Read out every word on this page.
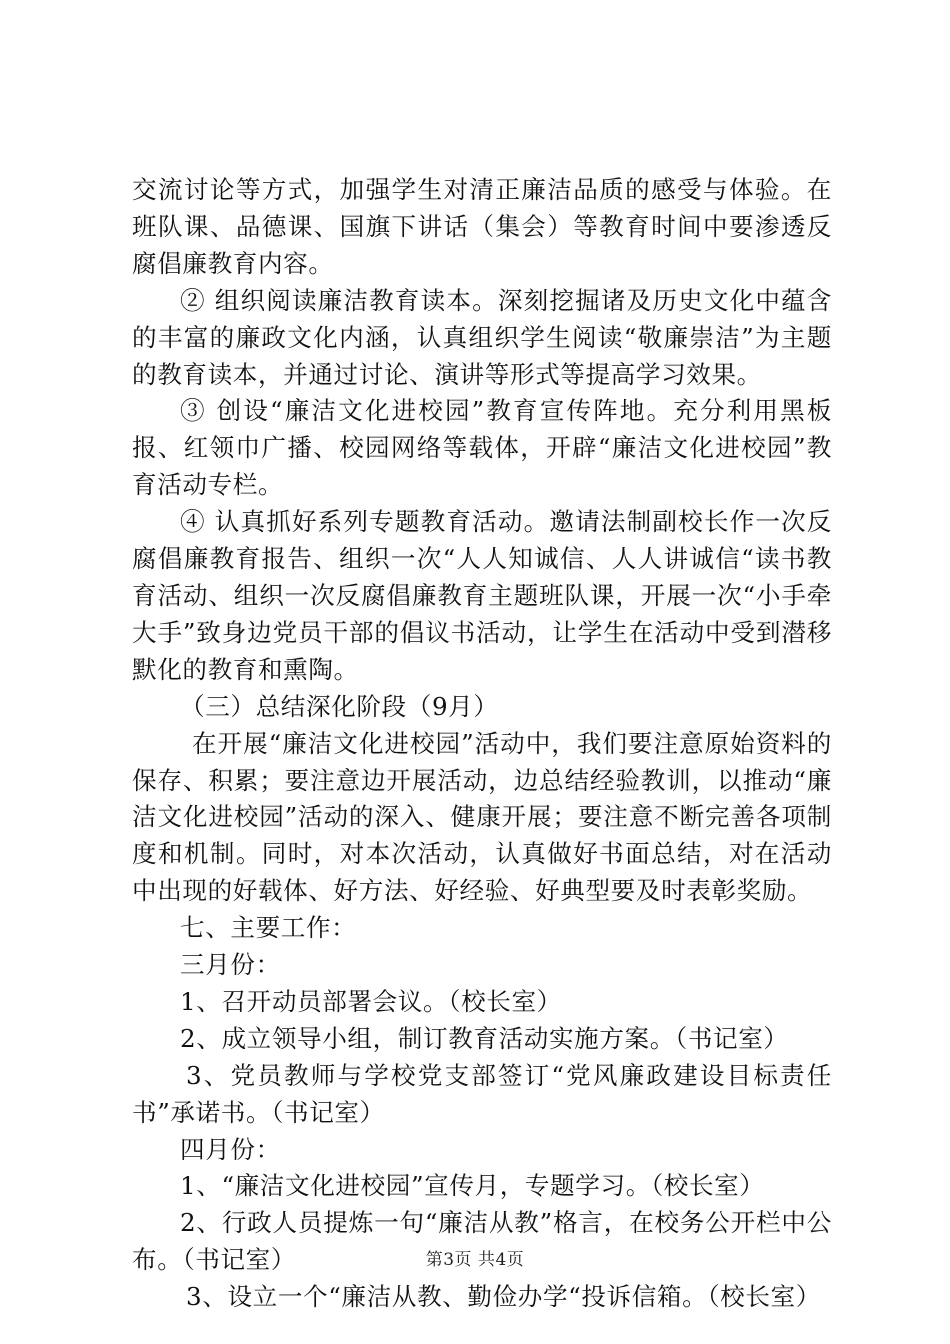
交流讨论等方式，加强学生对清正廉洁品质的感受与体验。在班队课、品德课、国旗下讲话（集会）等教育时间中要渗透反腐倡廉教育内容。

② 组织阅读廉洁教育读本。深刻挖掘诸及历史文化中蕴含的丰富的廉政文化内涵，认真组织学生阅读“敬廉崇洁”为主题的教育读本，并通过讨论、演讲等形式等提高学习效果。

③ 创设“廉洁文化进校园”教育宣传阵地。充分利用黑板报、红领巾广播、校园网络等载体，开辟“廉洁文化进校园”教育活动专栏。

④ 认真抓好系列专题教育活动。邀请法制副校长作一次反腐倡廉教育报告、组织一次“人人知诚信、人人讲诚信“读书教育活动、组织一次反腐倡廉教育主题班队课，开展一次“小手牵大手”致身边党员干部的倡议书活动，让学生在活动中受到潜移默化的教育和熏陶。

（三）总结深化阶段（9月）

在开展“廉洁文化进校园”活动中，我们要注意原始资料的保存、积累；要注意边开展活动，边总结经验教训，以推动“廉洁文化进校园”活动的深入、健康开展；要注意不断完善各项制度和机制。同时，对本次活动，认真做好书面总结，对在活动中出现的好载体、好方法、好经验、好典型要及时表彰奖励。

七、主要工作：

三月份：

1、召开动员部署会议。（校长室）

2、成立领导小组，制订教育活动实施方案。（书记室）

3、党员教师与学校党支部签订“党风廉政建设目标责任书”承诺书。（书记室）

四月份：

1、“廉洁文化进校园”宣传月，专题学习。（校长室）

2、行政人员提炼一句“廉洁从教”格言，在校务公开栏中公布。（书记室）

3、设立一个“廉洁从教、勤俭办学“投诉信箱。（校长室）

第3页 共4页
